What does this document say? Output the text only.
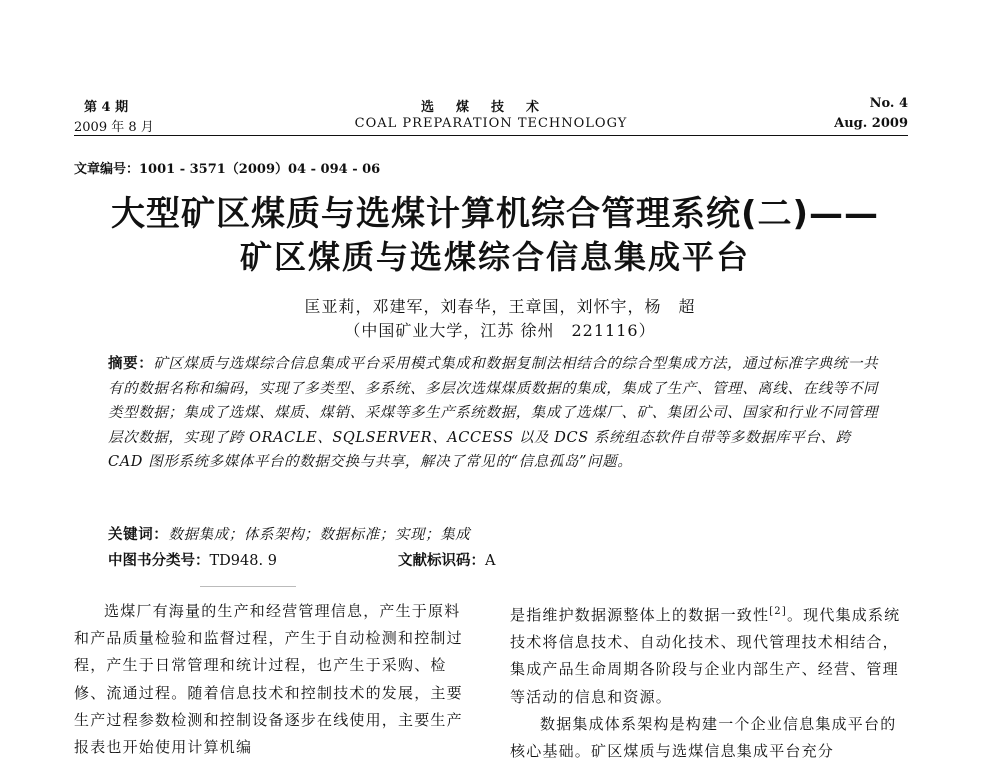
第 4 期	选煤技术	No. 4
2009 年 8 月	COAL PREPARATION TECHNOLOGY	Aug. 2009
文章编号：1001 - 3571（2009）04 - 094 - 06
大型矿区煤质与选煤计算机综合管理系统(二)——
矿区煤质与选煤综合信息集成平台
匡亚莉，邓建军，刘春华，王章国，刘怀宇，杨　超
（中国矿业大学，江苏 徐州　221116）
摘要：矿区煤质与选煤综合信息集成平台采用模式集成和数据复制法相结合的综合型集成方法，通过标准字典统一共有的数据名称和编码，实现了多类型、多系统、多层次选煤煤质数据的集成，集成了生产、管理、离线、在线等不同类型数据；集成了选煤、煤质、煤销、采煤等多生产系统数据，集成了选煤厂、矿、集团公司、国家和行业不同管理层次数据，实现了跨 ORACLE、SQLSERVER、ACCESS 以及 DCS 系统组态软件自带等多数据库平台、跨 CAD 图形系统多媒体平台的数据交换与共享，解决了常见的“信息孤岛”问题。
关键词：数据集成；体系架构；数据标准；实现；集成
中图书分类号：TD948. 9	文献标识码：A

选煤厂有海量的生产和经营管理信息，产生于原料和产品质量检验和监督过程，产生于自动检测和控制过程，产生于日常管理和统计过程，也产生于采购、检修、流通过程。随着信息技术和控制技术的发展，主要生产过程参数检测和控制设备逐步在线使用，主要生产报表也开始使用计算机编

是指维护数据源整体上的数据一致性[2]。现代集成系统技术将信息技术、自动化技术、现代管理技术相结合，集成产品生命周期各阶段与企业内部生产、经营、管理等活动的信息和资源。

数据集成体系架构是构建一个企业信息集成平台的核心基础。矿区煤质与选煤信息集成平台充分
